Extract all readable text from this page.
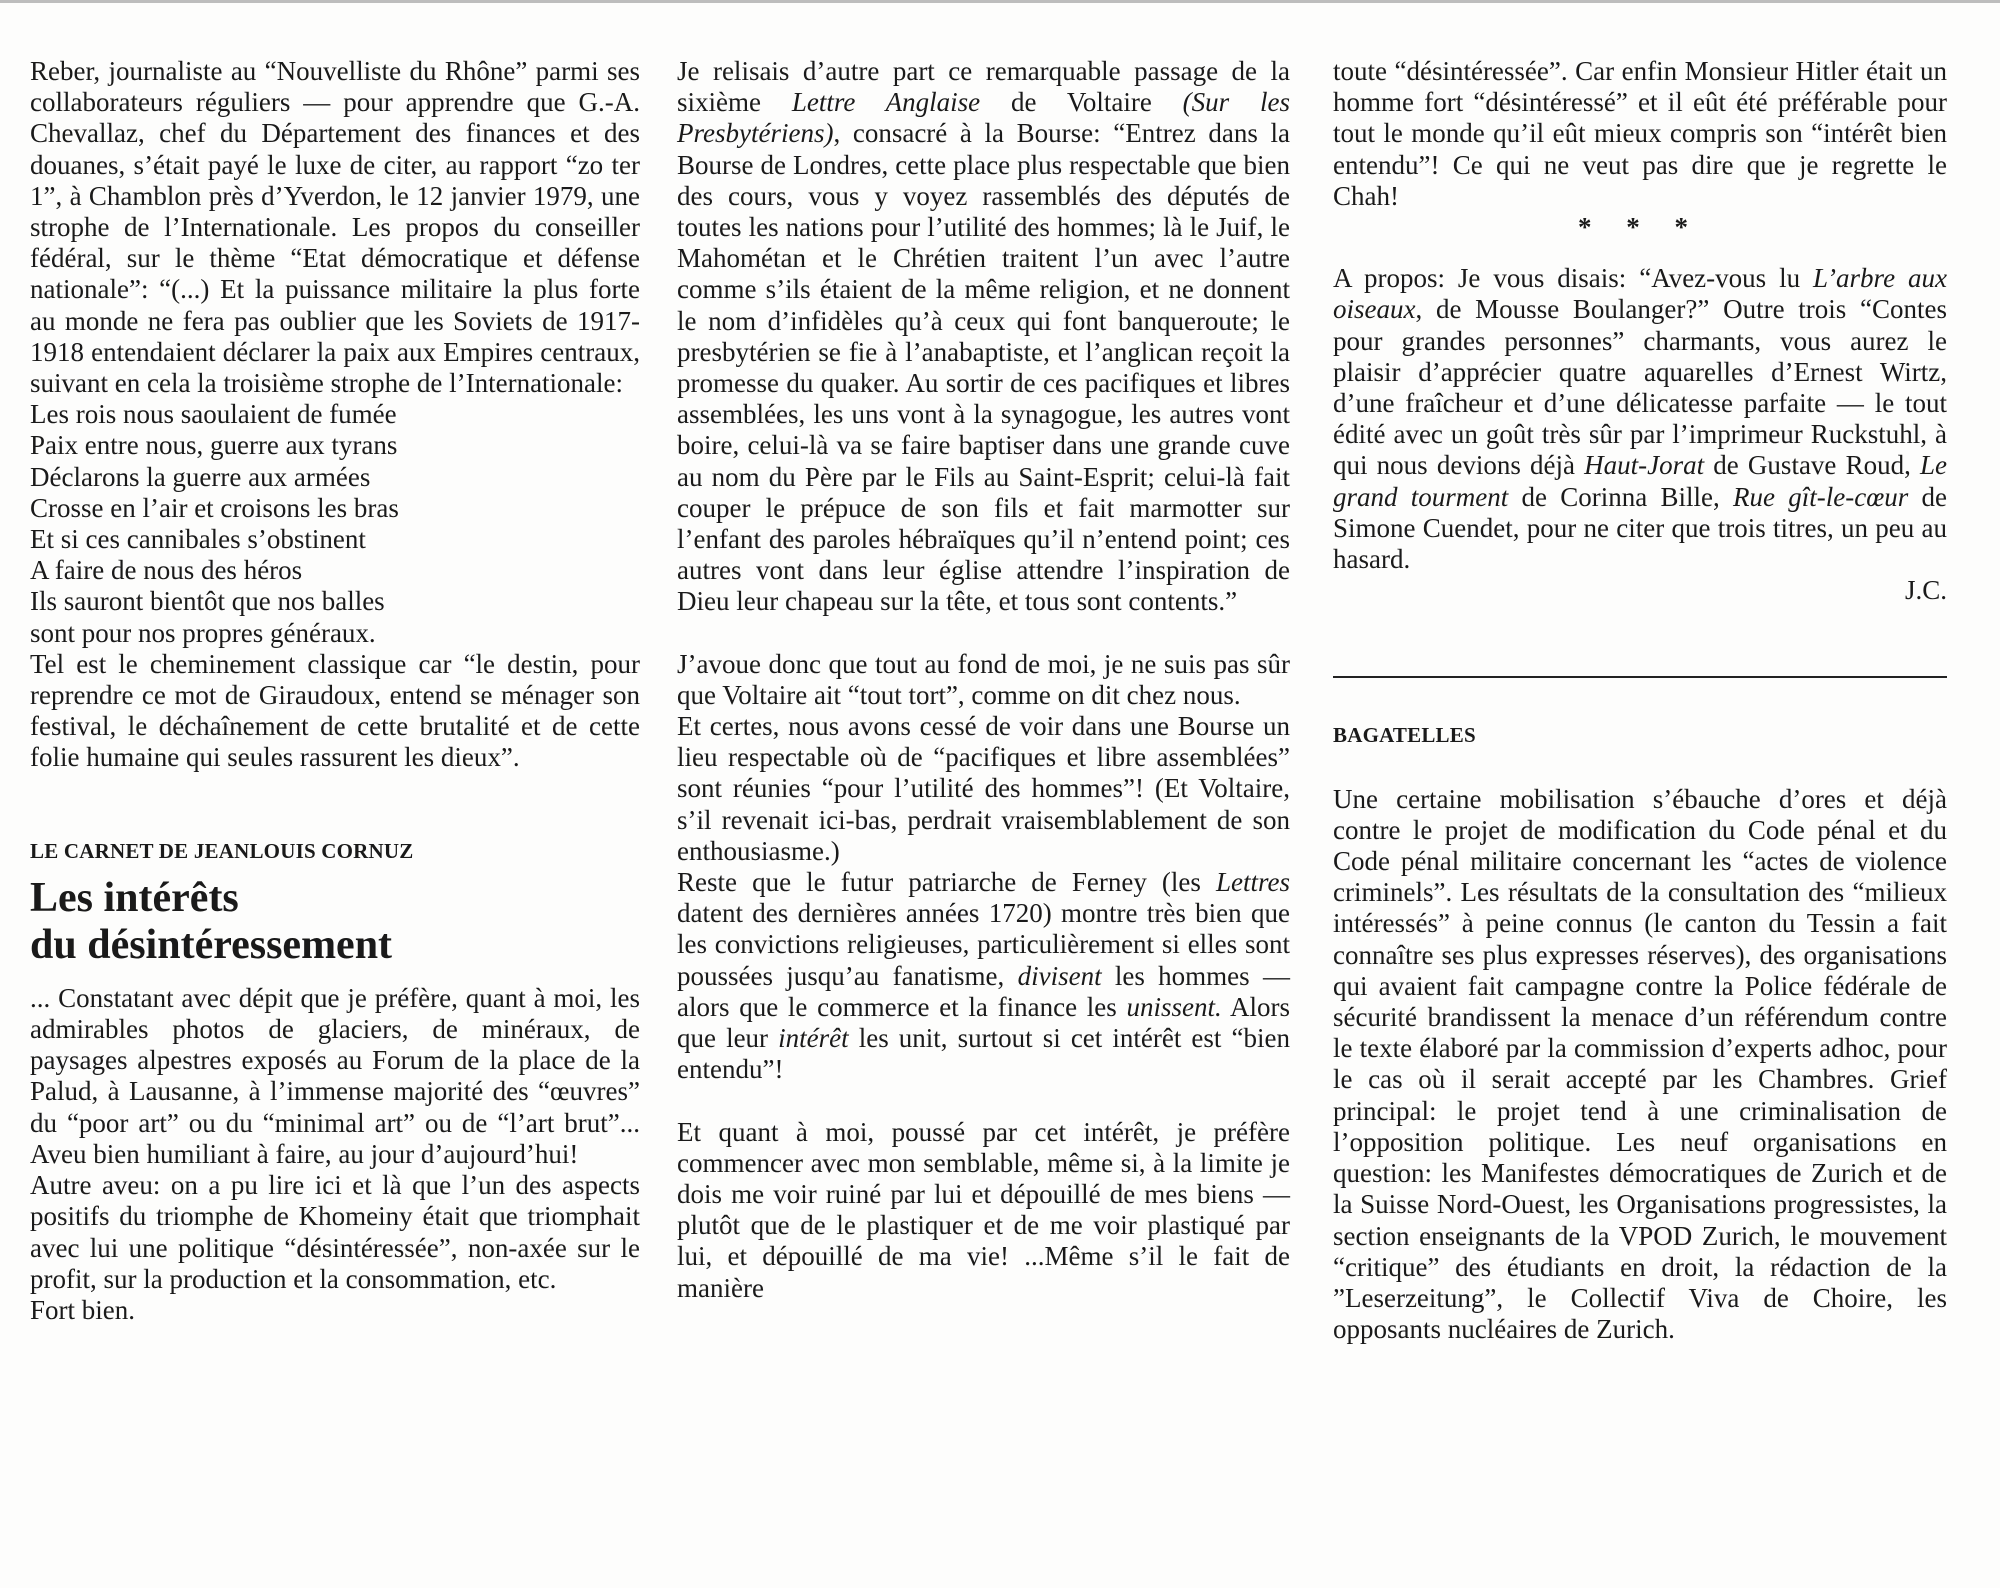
Reber, journaliste au “Nouvelliste du Rhône” parmi ses collaborateurs réguliers — pour apprendre que G.-A. Chevallaz, chef du Département des finances et des douanes, s’était payé le luxe de citer, au rapport “zo ter 1”, à Chamblon près d’Yverdon, le 12 janvier 1979, une strophe de l’Internationale. Les propos du conseiller fédéral, sur le thème “Etat démocratique et défense nationale”: “(...) Et la puissance militaire la plus forte au monde ne fera pas oublier que les Soviets de 1917-1918 entendaient déclarer la paix aux Empires centraux, suivant en cela la troisième strophe de l’Internationale:

Les rois nous saoulaient de fumée

Paix entre nous, guerre aux tyrans

Déclarons la guerre aux armées

Crosse en l’air et croisons les bras

Et si ces cannibales s’obstinent

A faire de nous des héros

Ils sauront bientôt que nos balles

sont pour nos propres généraux.

Tel est le cheminement classique car “le destin, pour reprendre ce mot de Giraudoux, entend se ménager son festival, le déchaînement de cette brutalité et de cette folie humaine qui seules rassurent les dieux”.

LE CARNET DE JEANLOUIS CORNUZ

Les intérêts

du désintéressement

... Constatant avec dépit que je préfère, quant à moi, les admirables photos de glaciers, de minéraux, de paysages alpestres exposés au Forum de la place de la Palud, à Lausanne, à l’immense majorité des “œuvres” du “poor art” ou du “minimal art” ou de “l’art brut”... Aveu bien humiliant à faire, au jour d’aujourd’hui!

Autre aveu: on a pu lire ici et là que l’un des aspects positifs du triomphe de Khomeiny était que triomphait avec lui une politique “désintéressée”, non-axée sur le profit, sur la production et la consommation, etc.

Fort bien.

Je relisais d’autre part ce remarquable passage de la sixième Lettre Anglaise de Voltaire (Sur les Presbytériens), consacré à la Bourse: “Entrez dans la Bourse de Londres, cette place plus respectable que bien des cours, vous y voyez rassemblés des députés de toutes les nations pour l’utilité des hommes; là le Juif, le Mahométan et le Chrétien traitent l’un avec l’autre comme s’ils étaient de la même religion, et ne donnent le nom d’infidèles qu’à ceux qui font banqueroute; le presbytérien se fie à l’anabaptiste, et l’anglican reçoit la promesse du quaker. Au sortir de ces pacifiques et libres assemblées, les uns vont à la synagogue, les autres vont boire, celui-là va se faire baptiser dans une grande cuve au nom du Père par le Fils au Saint-Esprit; celui-là fait couper le prépuce de son fils et fait marmotter sur l’enfant des paroles hébraïques qu’il n’entend point; ces autres vont dans leur église attendre l’inspiration de Dieu leur chapeau sur la tête, et tous sont contents.”

J’avoue donc que tout au fond de moi, je ne suis pas sûr que Voltaire ait “tout tort”, comme on dit chez nous.

Et certes, nous avons cessé de voir dans une Bourse un lieu respectable où de “pacifiques et libre assemblées” sont réunies “pour l’utilité des hommes”! (Et Voltaire, s’il revenait ici-bas, perdrait vraisemblablement de son enthousiasme.)

Reste que le futur patriarche de Ferney (les Lettres datent des dernières années 1720) montre très bien que les convictions religieuses, particulièrement si elles sont poussées jusqu’au fanatisme, divisent les hommes — alors que le commerce et la finance les unissent. Alors que leur intérêt les unit, surtout si cet intérêt est “bien entendu”!

Et quant à moi, poussé par cet intérêt, je préfère commencer avec mon semblable, même si, à la limite je dois me voir ruiné par lui et dépouillé de mes biens — plutôt que de le plastiquer et de me voir plastiqué par lui, et dépouillé de ma vie! ...Même s’il le fait de manière

toute “désintéressée”. Car enfin Monsieur Hitler était un homme fort “désintéressé” et il eût été préférable pour tout le monde qu’il eût mieux compris son “intérêt bien entendu”! Ce qui ne veut pas dire que je regrette le Chah!

* * *

A propos: Je vous disais: “Avez-vous lu L’arbre aux oiseaux, de Mousse Boulanger?” Outre trois “Contes pour grandes personnes” charmants, vous aurez le plaisir d’apprécier quatre aquarelles d’Ernest Wirtz, d’une fraîcheur et d’une délicatesse parfaite — le tout édité avec un goût très sûr par l’imprimeur Ruckstuhl, à qui nous devions déjà Haut-Jorat de Gustave Roud, Le grand tourment de Corinna Bille, Rue gît-le-cœur de Simone Cuendet, pour ne citer que trois titres, un peu au hasard.

J.C.

BAGATELLES

Une certaine mobilisation s’ébauche d’ores et déjà contre le projet de modification du Code pénal et du Code pénal militaire concernant les “actes de violence criminels”. Les résultats de la consultation des “milieux intéressés” à peine connus (le canton du Tessin a fait connaître ses plus expresses réserves), des organisations qui avaient fait campagne contre la Police fédérale de sécurité brandissent la menace d’un référendum contre le texte élaboré par la commission d’experts adhoc, pour le cas où il serait accepté par les Chambres. Grief principal: le projet tend à une criminalisation de l’opposition politique. Les neuf organisations en question: les Manifestes démocratiques de Zurich et de la Suisse Nord-Ouest, les Organisations progressistes, la section enseignants de la VPOD Zurich, le mouvement “critique” des étudiants en droit, la rédaction de la ”Leserzeitung”, le Collectif Viva de Choire, les opposants nucléaires de Zurich.
